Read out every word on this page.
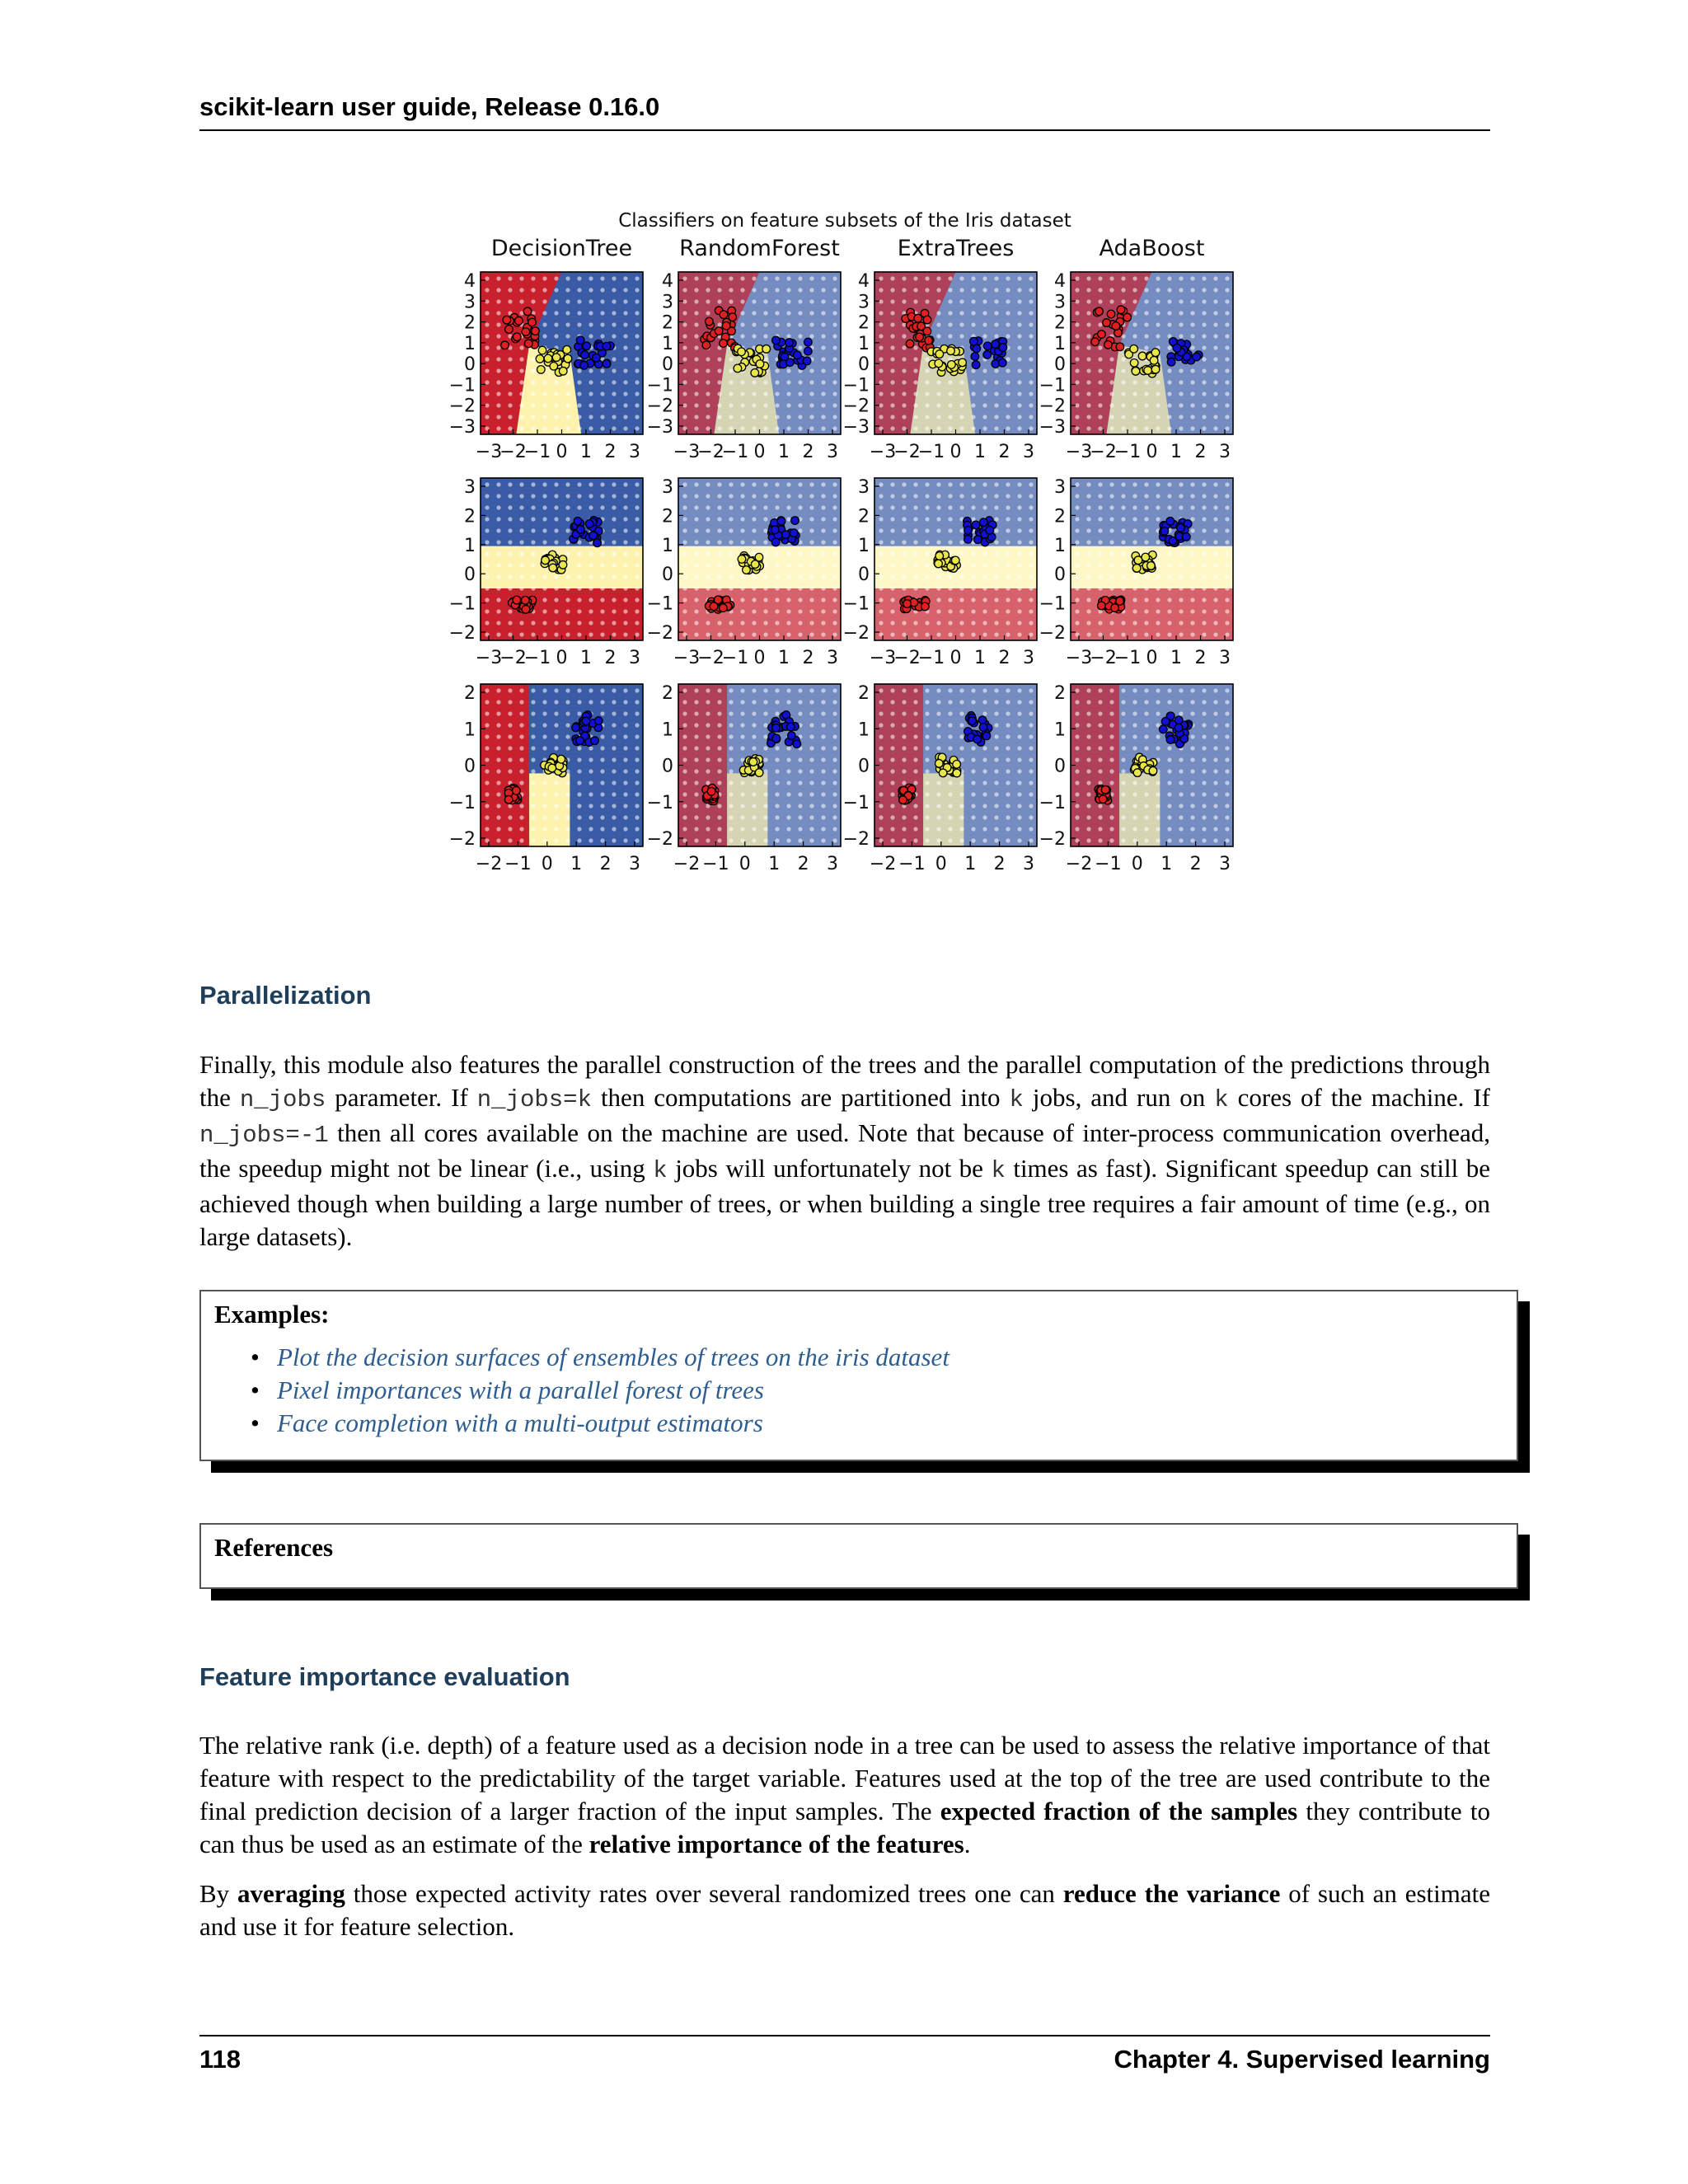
scikit-learn user guide, Release 0.16.0
Classifiers on feature subsets of the Iris dataset
DecisionTree RandomForest	ExtraTrees	AdaBoost
4
3
2
1
0
−1
−2
−3
−3
−2
−1 0 1 2 3
4
3
2
1
0
−1
−2
−3
−3
−2
−1 0 1 2 3
4
3
2
1
0
−1
−2
−3
−3
−2
−1 0 1 2 3
4
3
2
1
0
−1
−2
−3
−3
−2
−1 0 1 2 3
3
2
1
0
−1
−2
−3
−2
−1 0 1 2 3
3
2
1
0
−1
−2
−3
−2
−1 0 1 2 3
3
2
1
0
−1
−2
−3
−2
−1 0 1 2 3
3
2
1
0
−1
−2
−3
−2
−1 0 1 2 3
2
1
0
−1
−2
−2 −1 0 1 2 3
2
1
0
−1
−2
−2 −1 0 1 2 3
2
1
0
−1
−2
−2 −1 0 1 2 3
2
1
0
−1
−2
−2 −1 0 1 2 3
Parallelization

Finally, this module also features the parallel construction of the trees and the parallel computation of the predictions through the n_jobs parameter. If n_jobs=k then computations are partitioned into k jobs, and run on k cores of the machine. If n_jobs=-1 then all cores available on the machine are used. Note that because of inter-process communication overhead, the speedup might not be linear (i.e., using k jobs will unfortunately not be k times as fast). Significant speedup can still be achieved though when building a large number of trees, or when building a single tree requires a fair amount of time (e.g., on large datasets).

Examples:
• Plot the decision surfaces of ensembles of trees on the iris dataset
• Pixel importances with a parallel forest of trees
• Face completion with a multi-output estimators
References
Feature importance evaluation

The relative rank (i.e. depth) of a feature used as a decision node in a tree can be used to assess the relative importance of that feature with respect to the predictability of the target variable. Features used at the top of the tree are used contribute to the final prediction decision of a larger fraction of the input samples. The expected fraction of the samples they contribute to can thus be used as an estimate of the relative importance of the features.

By averaging those expected activity rates over several randomized trees one can reduce the variance of such an estimate and use it for feature selection.

118	Chapter 4. Supervised learning
